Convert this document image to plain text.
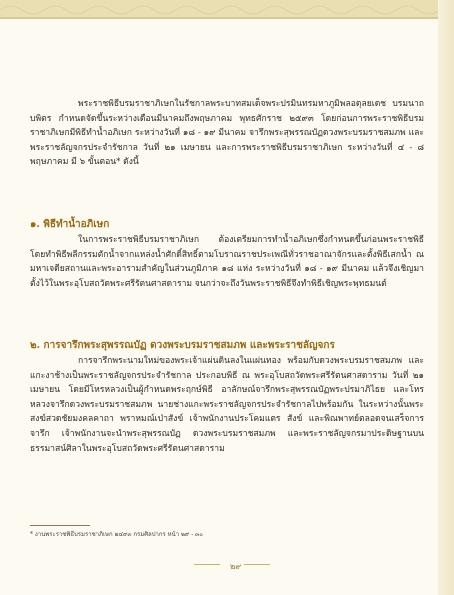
พระราชพิธีบรมราชาภิเษกในรัชกาลพระบาทสมเด็จพระปรมินทรมหาภูมิพลอดุลยเดช บรมนาถบพิตร กำหนดจัดขึ้นระหว่างเดือนมีนาคมถึงพฤษภาคม พุทธศักราช ๒๕๙๓ โดยก่อนการพระราชพิธีบรมราชาภิเษกมีพิธีทำน้ำอภิเษก ระหว่างวันที่ ๑๘ - ๑๙ มีนาคม จารึกพระสุพรรณบัฏดวงพระบรมราชสมภพ และพระราชลัญจกรประจำรัชกาล วันที่ ๒๑ เมษายน และการพระราชพิธีบรมราชาภิเษก ระหว่างวันที่ ๔ - ๘ พฤษภาคม มี ๖ ขั้นตอน* ดังนี้
๑. พิธีทำน้ำอภิเษก
ในการพระราชพิธีบรมราชาภิเษก ต้องเตรียมการทำน้ำอภิเษกซึ่งกำหนดขึ้นก่อนพระราชพิธี โดยทำพิธีพลีกรรมตักน้ำจากแหล่งน้ำศักดิ์สิทธิ์ตามโบราณราชประเพณีทั่วราชอาณาจักรและตั้งพิธีเสกน้ำ ณ มหาเจดียสถานและพระอารามสำคัญในส่วนภูมิภาค ๑๘ แห่ง ระหว่างวันที่ ๑๘ - ๑๙ มีนาคม แล้วจึงเชิญมาตั้งไว้ในพระอุโบสถวัดพระศรีรัตนศาสดาราม จนกว่าจะถึงวันพระราชพิธีจึงทำพิธีเชิญพระพุทธมนต์
๒. การจารึกพระสุพรรณบัฏ ดวงพระบรมราชสมภพ และพระราชลัญจกร
การจารึกพระนามใหม่ของพระเจ้าแผ่นดินลงในแผ่นทอง พร้อมกับดวงพระบรมราชสมภพ และแกะงาช้างเป็นพระราชลัญจกรประจำรัชกาล ประกอบพิธี ณ พระอุโบสถวัดพระศรีรัตนศาสดาราม วันที่ ๒๑ เมษายน โดยมีโหรหลวงเป็นผู้กำหนดพระฤกษ์พิธี อาลักษณ์จารึกพระสุพรรณบัฏพระปรมาภิไธย และโหรหลวงจารึกดวงพระบรมราชสมภพ นายช่างแกะพระราชลัญจกรประจำรัชกาลไปพร้อมกัน ในระหว่างนั้นพระสงฆ์สวดชัยมงคลคาถา พราหมณ์เป่าสังข์ เจ้าพนักงานประโคมแตร สังข์ และพิณพาทย์ตลอดจนเสร็จการจารึก เจ้าพนักงานจะนำพระสุพรรณบัฏ ดวงพระบรมราชสมภพ และพระราชลัญจกรมาประดิษฐานบนธรรมาสน์ศิลาในพระอุโบสถวัดพระศรีรัตนศาสดาราม
* งานพระราชพิธีบรมราชาภิเษก ๒๔๙๓ กรมศิลปากร หน้า ๒๙ - ๓๐
๒๙
